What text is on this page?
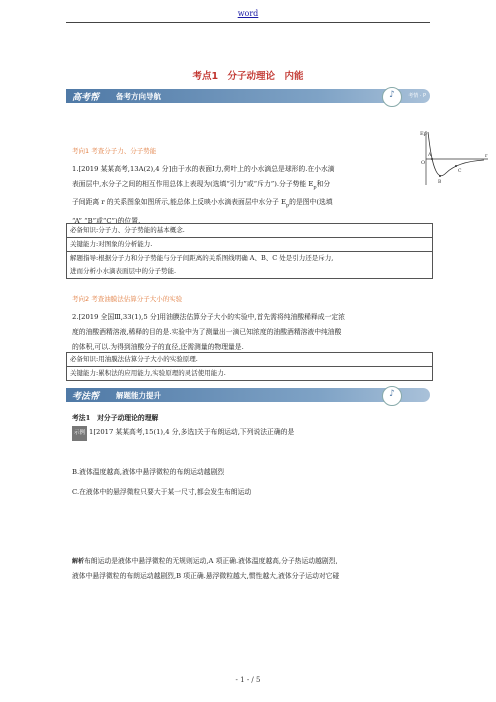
word
考点1　分子动理论　内能
高考帮 备考方向导航	♪	考情 · P
Ep
O
r
A
B
C
考向1 考查分子力、分子势能
1.[2019 某某高考,13A(2),4 分]由于水的表面Ⅰ力,荷叶上的小水滴总是球形的.在小水滴
表面层中,水分子之间的相互作用总体上表现为(选填“引力”或“斥力”).分子势能 $E_p$和分
子间距离 r 的关系图象如图所示,能总体上反映小水滴表面层中水分子 $E_p$的是图中(选填
“A” “B”或“C”)的位置.
必备知识:分子力、分子势能的基本概念.
关键能力:对图象的分析能力.
解题指导:根据分子力和分子势能与分子间距离的关系图线明确 A、B、C 处是引力还是斥力,
进而分析小水滴表面层中的分子势能.
考向2 考查油膜法估算分子大小的实验
2.[2019 全国Ⅲ,33(1),5 分]用油膜法估算分子大小的实验中,首先需将纯油酸稀释成一定浓
度的油酸酒精溶液,稀释的目的是.实验中为了测量出一滴已知浓度的油酸酒精溶液中纯油酸
的体积,可以.为得到油酸分子的直径,还需测量的物理量是.
必备知识:用油膜法估算分子大小的实验原理.
关键能力:累积法的应用能力,实验原理的灵活使用能力.
考法帮 解题能力提升	♪
考法1　对分子动理论的理解
示例 1[2017 某某高考,15(1),4 分,多选]关于布朗运动,下列说法正确的是
B.液体温度越高,液体中悬浮微粒的布朗运动越剧烈
C.在液体中的悬浮微粒只要大于某一尺寸,都会发生布朗运动
解析布朗运动是液体中悬浮微粒的无规则运动,A 项正确.液体温度越高,分子热运动越剧烈,
液体中悬浮微粒的布朗运动越剧烈,B 项正确.悬浮微粒越大,惯性越大,液体分子运动对它碰
- 1 - / 5
